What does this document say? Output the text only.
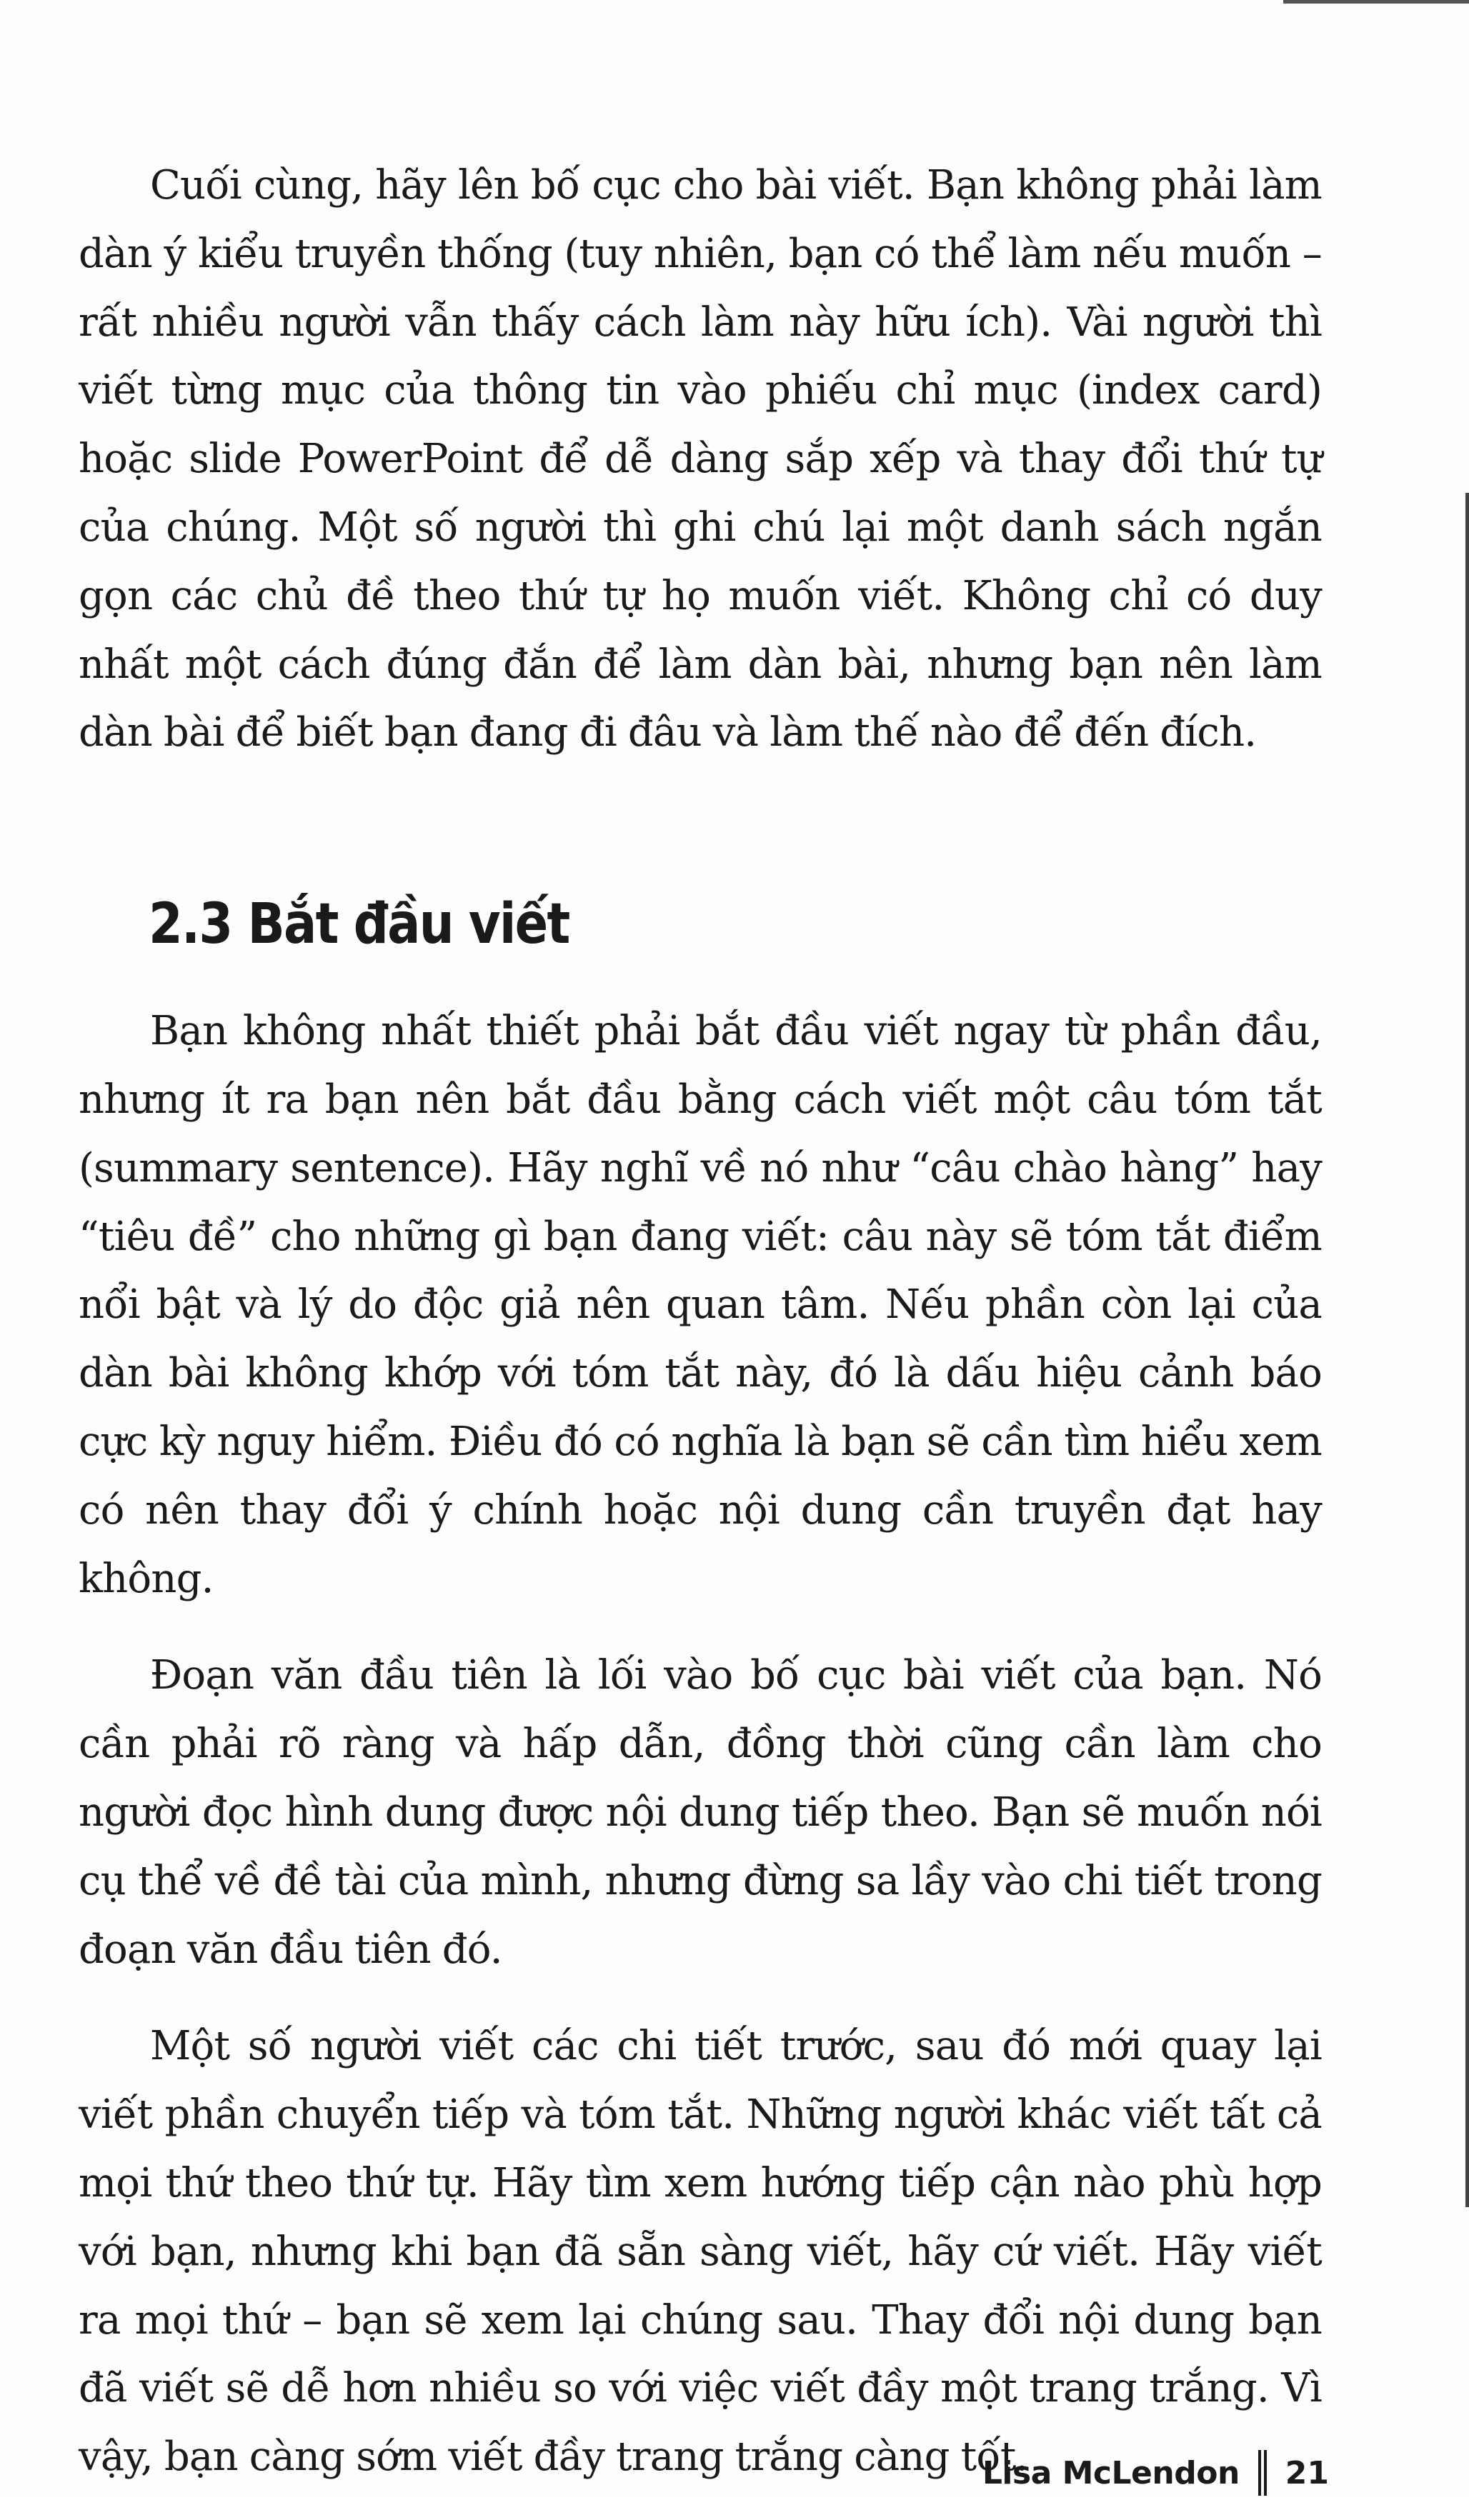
Cuối cùng, hãy lên bố cục cho bài viết. Bạn không phải làm dàn ý kiểu truyền thống (tuy nhiên, bạn có thể làm nếu muốn – rất nhiều người vẫn thấy cách làm này hữu ích). Vài người thì viết từng mục của thông tin vào phiếu chỉ mục (index card) hoặc slide PowerPoint để dễ dàng sắp xếp và thay đổi thứ tự của chúng. Một số người thì ghi chú lại một danh sách ngắn gọn các chủ đề theo thứ tự họ muốn viết. Không chỉ có duy nhất một cách đúng đắn để làm dàn bài, nhưng bạn nên làm dàn bài để biết bạn đang đi đâu và làm thế nào để đến đích.

2.3 Bắt đầu viết

Bạn không nhất thiết phải bắt đầu viết ngay từ phần đầu, nhưng ít ra bạn nên bắt đầu bằng cách viết một câu tóm tắt (summary sentence). Hãy nghĩ về nó như “câu chào hàng” hay “tiêu đề” cho những gì bạn đang viết: câu này sẽ tóm tắt điểm nổi bật và lý do độc giả nên quan tâm. Nếu phần còn lại của dàn bài không khớp với tóm tắt này, đó là dấu hiệu cảnh báo cực kỳ nguy hiểm. Điều đó có nghĩa là bạn sẽ cần tìm hiểu xem có nên thay đổi ý chính hoặc nội dung cần truyền đạt hay không.

Đoạn văn đầu tiên là lối vào bố cục bài viết của bạn. Nó cần phải rõ ràng và hấp dẫn, đồng thời cũng cần làm cho người đọc hình dung được nội dung tiếp theo. Bạn sẽ muốn nói cụ thể về đề tài của mình, nhưng đừng sa lầy vào chi tiết trong đoạn văn đầu tiên đó.

Một số người viết các chi tiết trước, sau đó mới quay lại viết phần chuyển tiếp và tóm tắt. Những người khác viết tất cả mọi thứ theo thứ tự. Hãy tìm xem hướng tiếp cận nào phù hợp với bạn, nhưng khi bạn đã sẵn sàng viết, hãy cứ viết. Hãy viết ra mọi thứ – bạn sẽ xem lại chúng sau. Thay đổi nội dung bạn đã viết sẽ dễ hơn nhiều so với việc viết đầy một trang trắng. Vì vậy, bạn càng sớm viết đầy trang trắng càng tốt.

Lisa McLendon 21
